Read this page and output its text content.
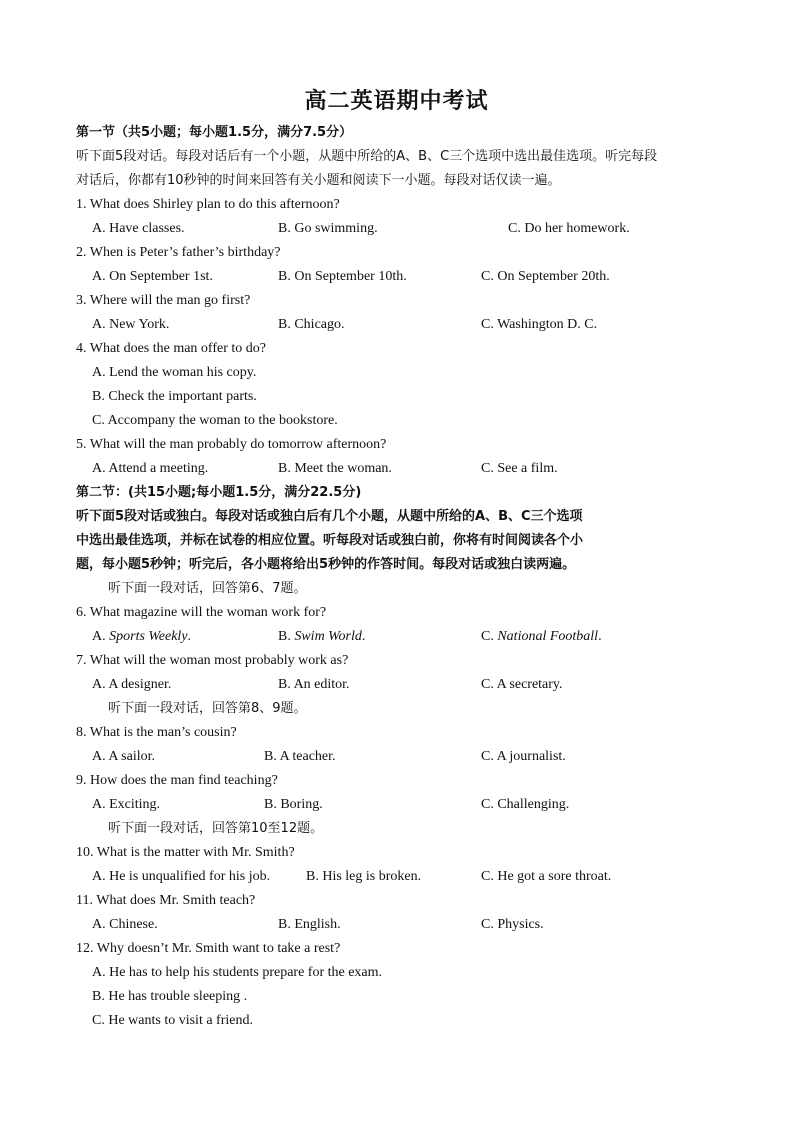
高二英语期中考试
第一节（共5小题；每小题1.5分，满分7.5分）
听下面5段对话。每段对话后有一个小题，从题中所给的A、B、C三个选项中选出最佳选项。听完每段
对话后，你都有10秒钟的时间来回答有关小题和阅读下一小题。每段对话仅读一遍。
1. What does Shirley plan to do this afternoon?
A. Have classes.	B. Go swimming.	C. Do her homework.
2. When is Peter’s father’s birthday?
A. On September 1st.	B. On September 10th.	C. On September 20th.
3. Where will the man go first?
A. New York.	B. Chicago.	C. Washington D. C.
4. What does the man offer to do?
A. Lend the woman his copy.
B. Check the important parts.
C. Accompany the woman to the bookstore.
5. What will the man probably do tomorrow afternoon?
A. Attend a meeting.	B. Meet the woman.	C. See a film.
第二节：(共15小题;每小题1.5分，满分22.5分)
听下面5段对话或独白。每段对话或独白后有几个小题，从题中所给的A、B、C三个选项
中选出最佳选项，并标在试卷的相应位置。听每段对话或独白前，你将有时间阅读各个小
题，每小题5秒钟；听完后，各小题将给出5秒钟的作答时间。每段对话或独白读两遍。
听下面一段对话，回答第6、7题。
6. What magazine will the woman work for?
A. Sports Weekly.	B. Swim World.	C. National Football.
7. What will the woman most probably work as?
A. A designer.	B. An editor.	C. A secretary.
听下面一段对话，回答第8、9题。
8. What is the man’s cousin?
A. A sailor.	B. A teacher.	C. A journalist.
9. How does the man find teaching?
A. Exciting.	B. Boring.	C. Challenging.
听下面一段对话，回答第10至12题。
10. What is the matter with Mr. Smith?
A. He is unqualified for his job.	B. His leg is broken.	C. He got a sore throat.
11. What does Mr. Smith teach?
A. Chinese.	B. English.	C. Physics.
12. Why doesn’t Mr. Smith want to take a rest?
A. He has to help his students prepare for the exam.
B. He has trouble sleeping .
C. He wants to visit a friend.
